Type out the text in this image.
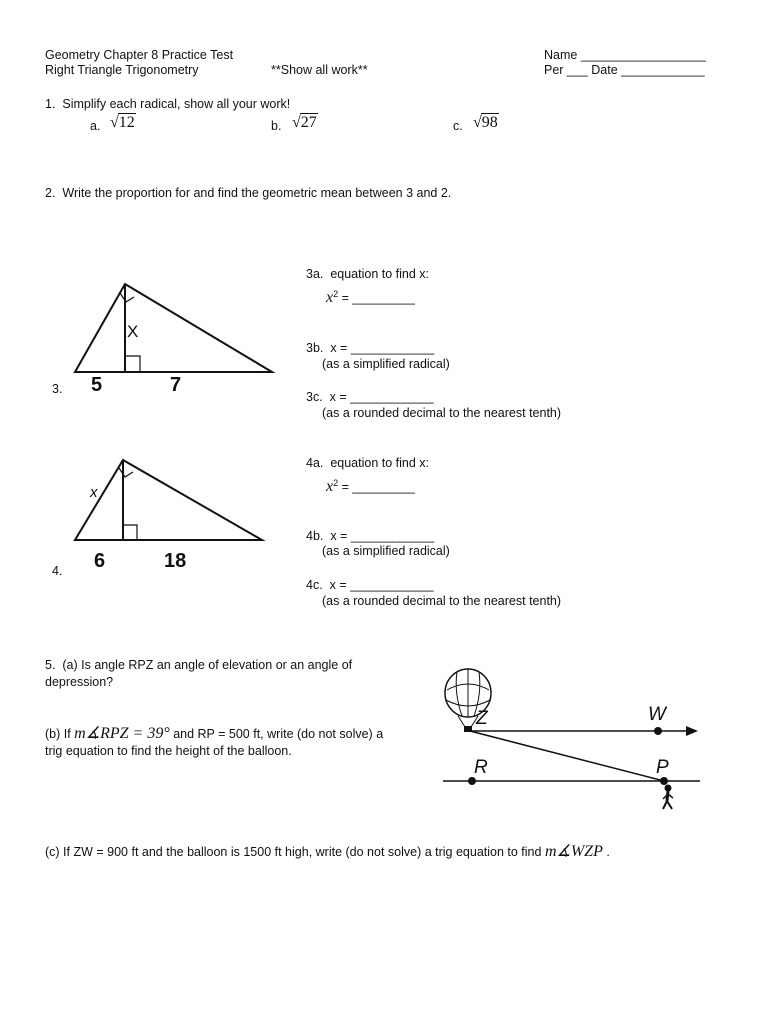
Geometry Chapter 8 Practice Test
Right Triangle Trigonometry	**Show all work**
Name __________________
Per ___ Date ____________
1.  Simplify each radical, show all your work!
a. √12	b. √27	c. √98
2.  Write the proportion for and find the geometric mean between 3 and 2.
3.
X
5	7
3a.  equation to find x:
$x^2$ = _________
3b.  x = ____________
(as a simplified radical)
3c.  x = ____________
(as a rounded decimal to the nearest tenth)
4.
x
6	18
4a.  equation to find x:
$x^2$ = _________
4b.  x = ____________
(as a simplified radical)
4c.  x = ____________
(as a rounded decimal to the nearest tenth)
5.  (a) Is angle RPZ an angle of elevation or an angle of
depression?
(b) If m∡RPZ = 39° and RP = 500 ft, write (do not solve) a
trig equation to find the height of the balloon.
(c) If ZW = 900 ft and the balloon is 1500 ft high, write (do not solve) a trig equation to find m∡WZP .
Z	W
R	P
